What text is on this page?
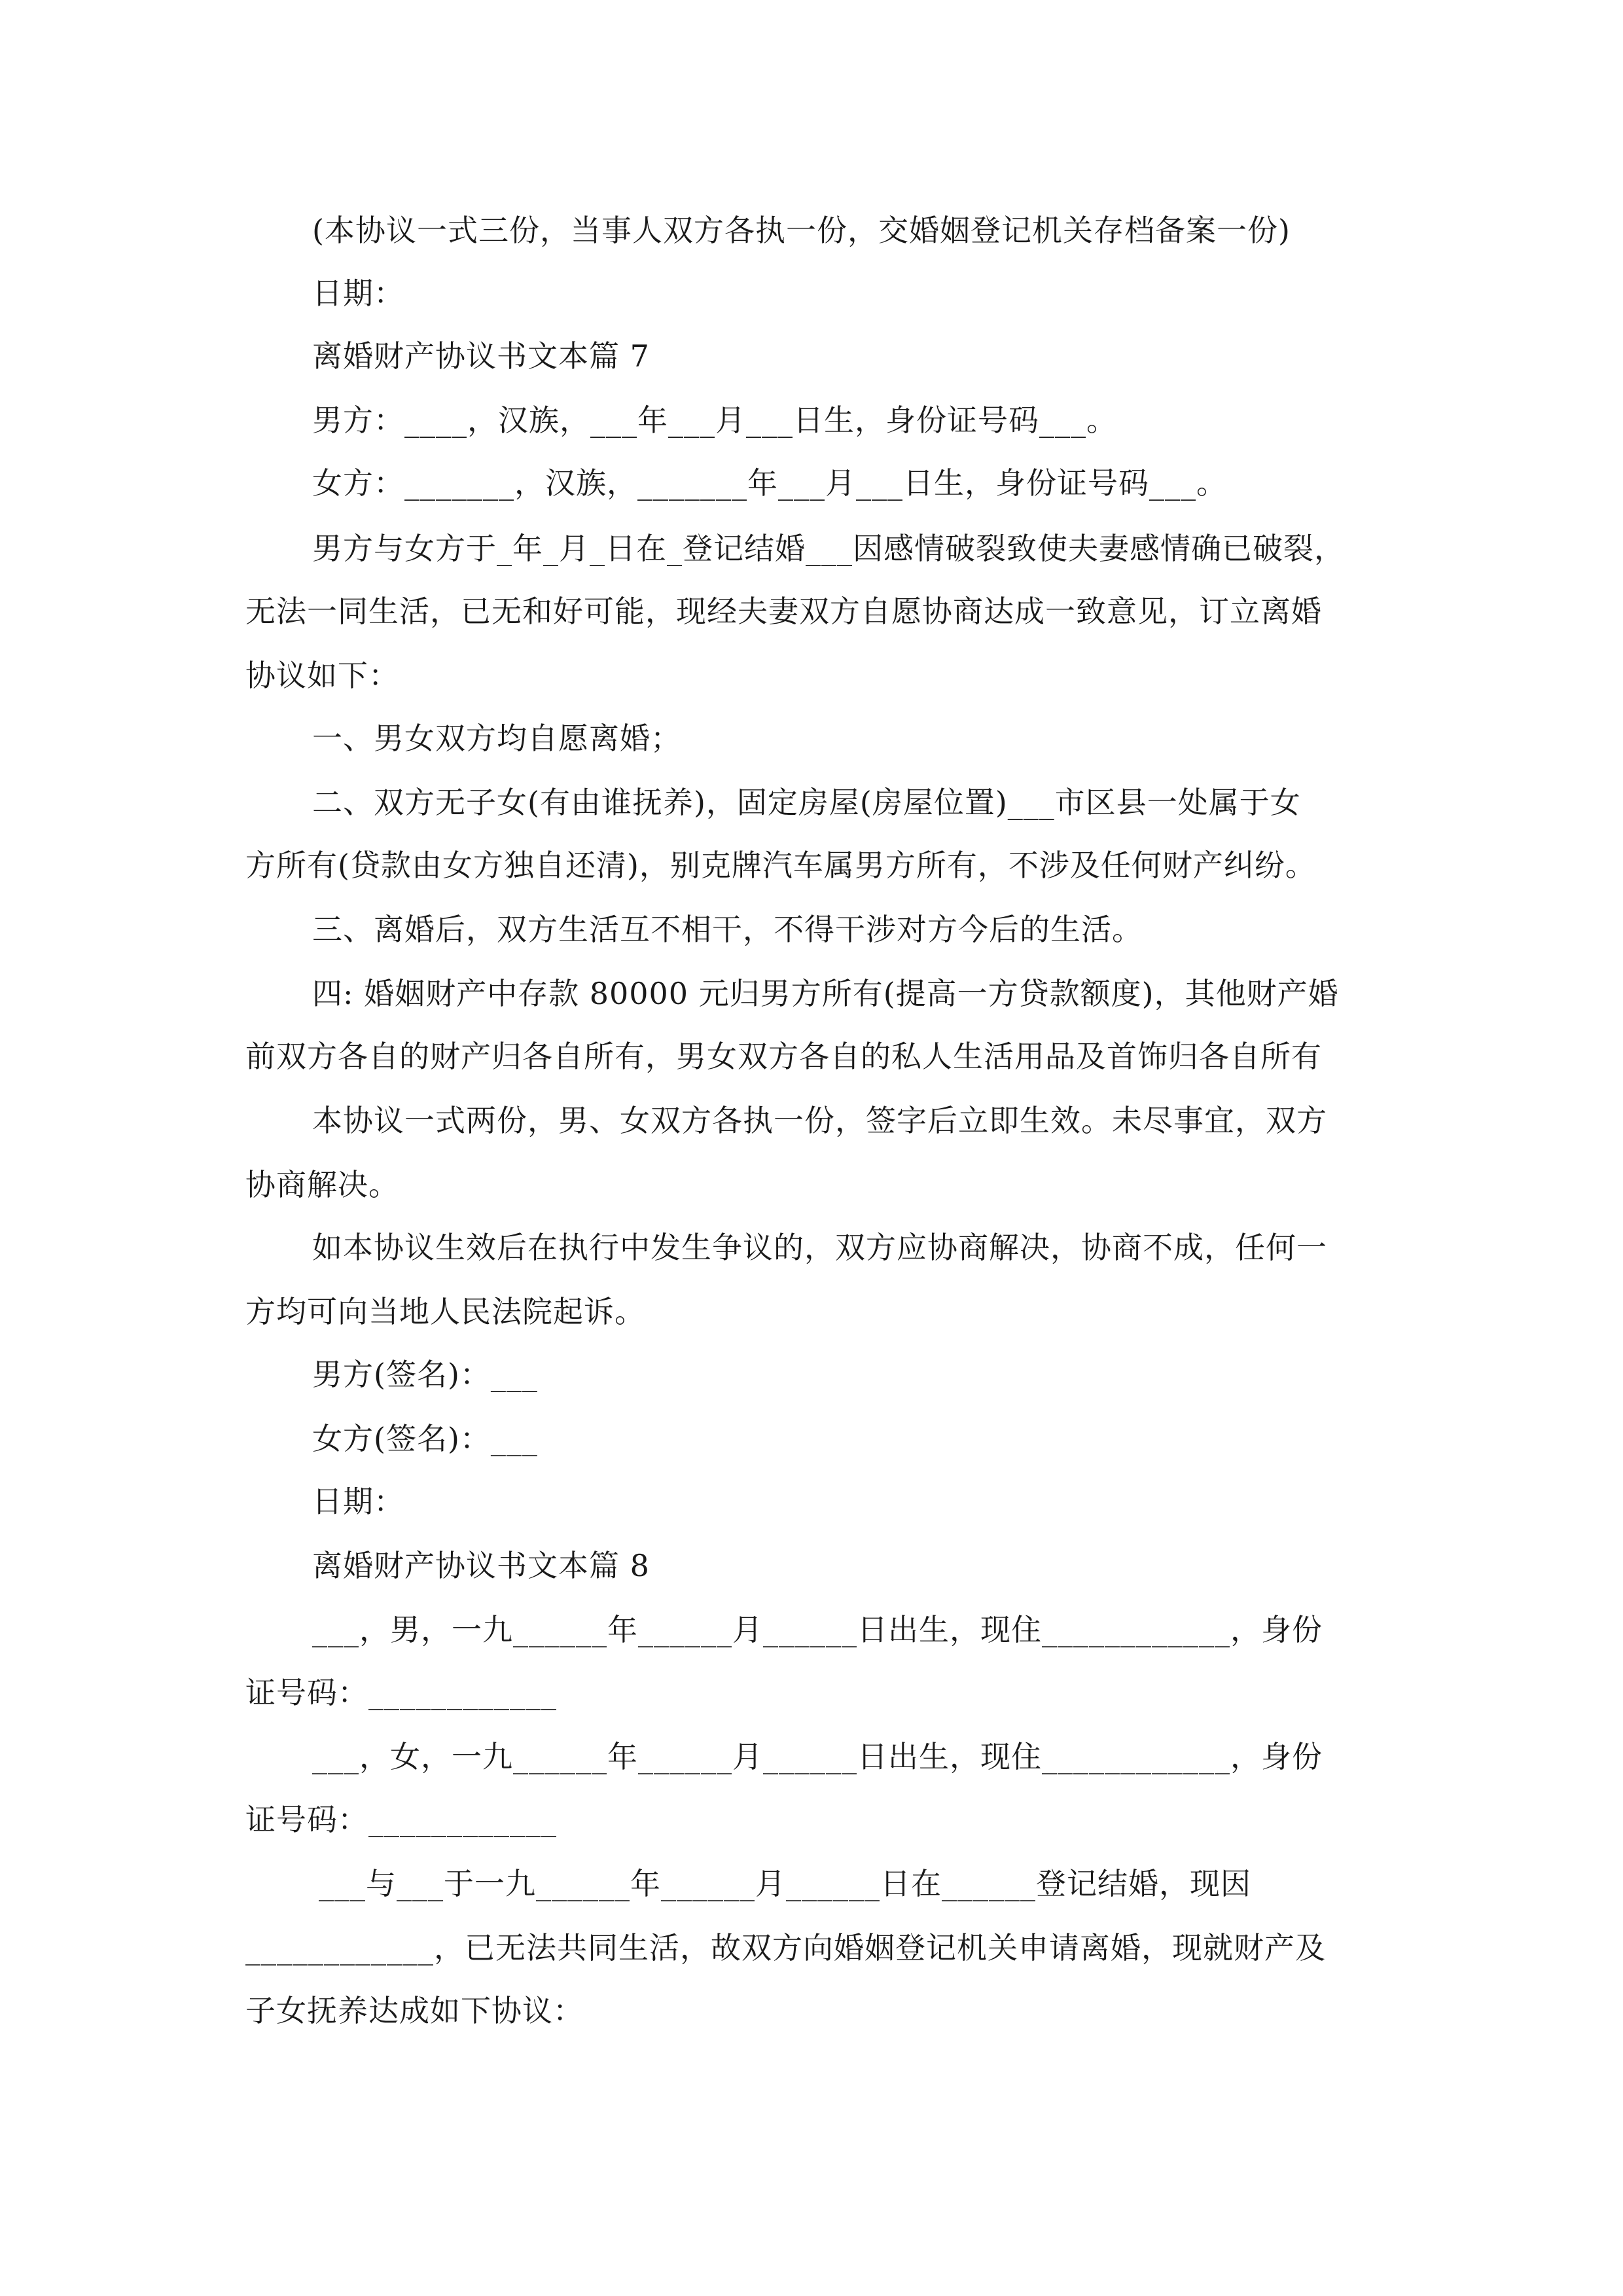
(本协议一式三份，当事人双方各执一份，交婚姻登记机关存档备案一份)
日期：
离婚财产协议书文本篇 7
男方：____，汉族，___年___月___日生，身份证号码___。
女方：_______，汉族，_______年___月___日生，身份证号码___。
男方与女方于_年_月_日在_登记结婚___因感情破裂致使夫妻感情确已破裂，
无法一同生活，已无和好可能，现经夫妻双方自愿协商达成一致意见，订立离婚
协议如下：
一、男女双方均自愿离婚；
二、双方无子女(有由谁抚养)，固定房屋(房屋位置)___市区县一处属于女
方所有(贷款由女方独自还清)，别克牌汽车属男方所有，不涉及任何财产纠纷。
三、离婚后，双方生活互不相干，不得干涉对方今后的生活。
四: 婚姻财产中存款 80000 元归男方所有(提高一方贷款额度)，其他财产婚
前双方各自的财产归各自所有，男女双方各自的私人生活用品及首饰归各自所有
本协议一式两份，男、女双方各执一份，签字后立即生效。未尽事宜，双方
协商解决。
如本协议生效后在执行中发生争议的，双方应协商解决，协商不成，任何一
方均可向当地人民法院起诉。
男方(签名)：___
女方(签名)：___
日期：
离婚财产协议书文本篇 8
___，男，一九______年______月______日出生，现住____________，身份
证号码：____________
___，女，一九______年______月______日出生，现住____________，身份
证号码：____________
___与___于一九______年______月______日在______登记结婚，现因
____________，已无法共同生活，故双方向婚姻登记机关申请离婚，现就财产及
子女抚养达成如下协议：
